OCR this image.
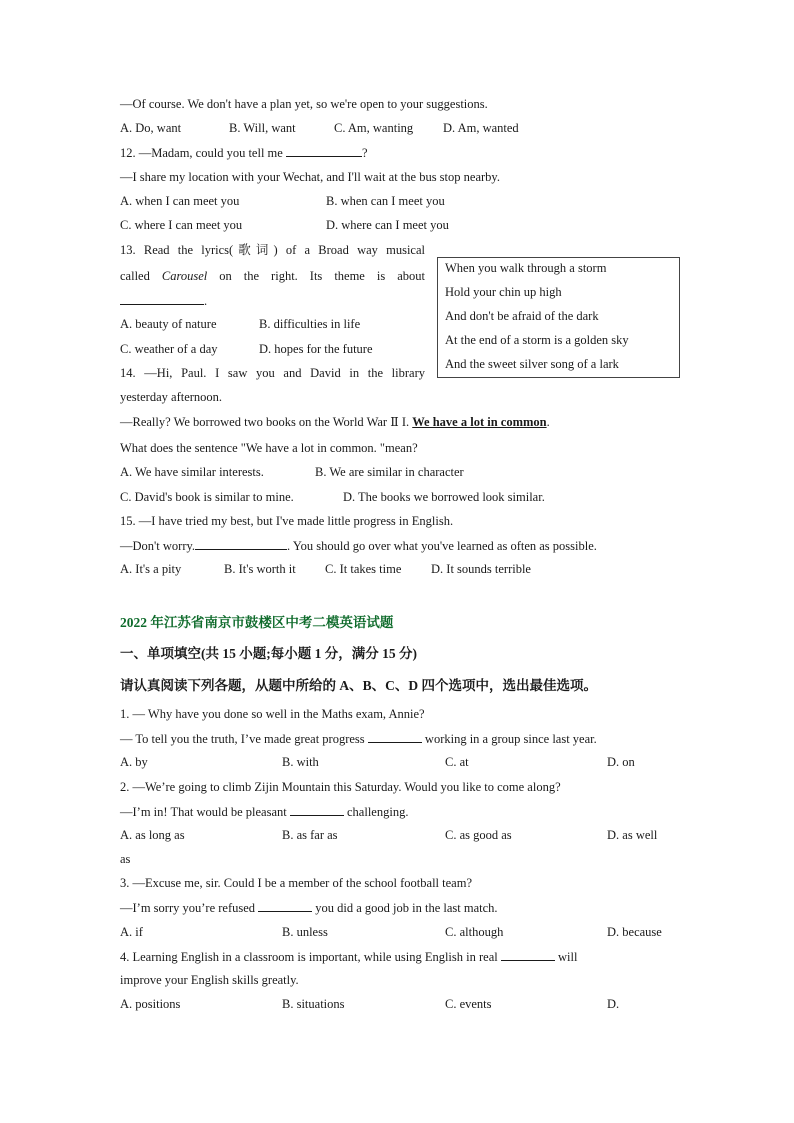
—Of course. We don't have a plan yet, so we're open to your suggestions.
A. Do, want	B. Will, want	C. Am, wanting D. Am, wanted
12. —Madam, could you tell me	?
—I share my location with your Wechat, and I'll wait at the bus stop nearby.
A. when I can meet you	B. when can I meet you
C. where I can meet you	D. where can I meet you
13. Read the lyrics(歌词) of a Broad way musical
called Carousel on the right. Its theme is about
.
A. beauty of nature	B. difficulties in life
C. weather of a day	D. hopes for the future
When you walk through a storm
Hold your chin up high
And don't be afraid of the dark
At the end of a storm is a golden sky
And the sweet silver song of a lark
14. —Hi, Paul. I saw you and David in the library
yesterday afternoon.
—Really? We borrowed two books on the World War Ⅱ I. We have a lot in common.
What does the sentence "We have a lot in common. "mean?
A. We have similar interests.	B. We are similar in character
C. David's book is similar to mine.	D. The books we borrowed look similar.
15. —I have tried my best, but I've made little progress in English.
—Don't worry.	. You should go over what you've learned as often as possible.
A. It's a pity	B. It's worth it C. It takes time D. It sounds terrible
2022 年江苏省南京市鼓楼区中考二模英语试题
一、单项填空(共 15 小题;每小题 1 分，满分 15 分)
请认真阅读下列各题，从题中所给的 A、B、C、D 四个选项中，选出最佳选项。
1. — Why have you done so well in the Maths exam, Annie?
— To tell you the truth, I’ve made great progress	working in a group since last year.
A. by	B. with	C. at	D. on
2. —We’re going to climb Zijin Mountain this Saturday. Would you like to come along?
—I’m in! That would be pleasant	challenging.
A. as long as	B. as far as	C. as good as	D. as well
as
3. —Excuse me, sir. Could I be a member of the school football team?
—I’m sorry you’re refused	you did a good job in the last match.
A. if	B. unless	C. although	D. because
4. Learning English in a classroom is important, while using English in real	will
improve your English skills greatly.
A. positions	B. situations	C. events	D.
